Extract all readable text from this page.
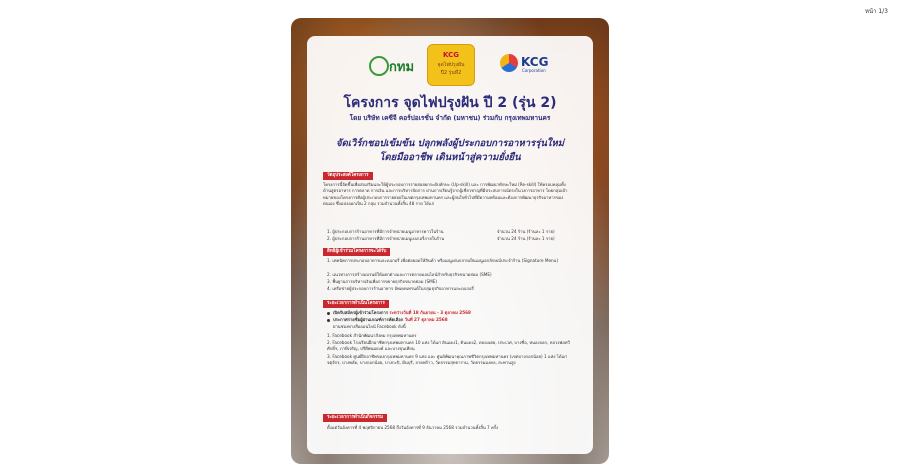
หน้า 1/3
กทม
KCG
จุดไฟปรุงฝัน
ปี2 รุ่นที่2
KCG
Corporation
โครงการ จุดไฟปรุงฝัน ปี 2 (รุ่น 2)
โดย บริษัท เคซีจี คอร์ปอเรชั่น จำกัด (มหาชน) ร่วมกับ กรุงเทพมหานคร
จัดเวิร์กชอปเข้มข้น ปลุกพลังผู้ประกอบการอาหารรุ่นใหม่
โดยมืออาชีพ เดินหน้าสู่ความยั่งยืน
วัตถุประสงค์โครงการ

โครงการนี้จัดขึ้นเพื่อส่งเสริมและให้ผู้ประกอบการรายย่อยยกระดับทักษะ (Up-skill) และ การพัฒนาทักษะใหม่ (Re-skill) ให้ครอบคลุมทั้งด้านสูตรอาหาร การตลาด การเงิน และการบริหารจัดการ ผ่านการเรียนรู้จากผู้เชี่ยวชาญที่มีประสบการณ์ตรงในวงการอาหาร โดยกลุ่มเป้าหมายของโครงการคือผู้ประกอบการรายย่อยในเขตกรุงเทพมหานคร และผู้สนใจทั่วไปที่มีความพร้อมและต้องการพัฒนาธุรกิจอาหารของตนเอง ซึ่งแบ่งออกเป็น 2 กลุ่ม รวมจำนวนทั้งสิ้น 48 ราย ได้แก่

1. ผู้ประกอบการร้านอาหารที่มีการจำหน่ายเมนูอาหารคาวในร้าน	จำนวน 24 ร้าน (ร้านละ 1 ราย)
2. ผู้ประกอบการร้านอาหารที่มีการจำหน่ายเมนูเบเกอรี่ภายในร้าน	จำนวน 24 ร้าน (ร้านละ 1 ราย)
สิทธิผู้เข้าร่วมโครงการจะได้รับ
1. เทคนิคการประกอบอาหารและเบเกอรี่ เพื่อต่อยอดให้สินค้า หรือเมนูเด่นกลายเป็นเมนูเอกลักษณ์ประจำร้าน (Signature Menu)
2. แนวทางการสร้างแบรนด์ให้แตกต่างและการตลาดออนไลน์สำหรับธุรกิจขนาดย่อม (SME)
3. พื้นฐานการบริหารเงินเพื่อการขยายธุรกิจขนาดย่อม (SME)
4. เครือข่ายผู้ประกอบการร้านอาหาร อัพเดทเทรนด์ในกลุ่มธุรกิจอาหารและเบเกอรี่
ระยะเวลาการดำเนินโครงการ
เปิดรับสมัครผู้เข้าร่วมโครงการ ระหว่างวันที่ 18 กันยายน - 3 ตุลาคม 2568
ประกาศรายชื่อผู้ผ่านเกณฑ์การคัดเลือก วันที่ 27 ตุลาคม 2568
ผ่านช่องทางสื่อออนไลน์ Facebook ดังนี้
1. Facebook สำนักพัฒนาสังคม กรุงเทพมหานคร
2. Facebook โรงเรียนฝึกอาชีพกรุงเทพมหานคร 10 แห่ง ได้แก่ ดินแดง1, ดินแดง2, คลองเตย, ประเวศ, บางซื่อ, หนองจอก, หลวงพ่อทวีศักดิ์ฯ, ภาษีเจริญ, ปรีดีพนมยงค์ และบางขุนเทียน
3. Facebook ศูนย์ฝึกอาชีพของกรุงเทพมหานคร 9 แห่ง และ ศูนย์พัฒนาคุณภาพชีวิตกรุงเทพมหานคร (เขตบางกอกน้อย) 1 แห่ง ได้แก่ จตุจักร, บางพลัด, บางกอกน้อย, บางกะปิ, มีนบุรี, ลาดพร้าว, วัดธรรมสุทธาราม, วัดธรรมมงคล, สะพานสูง
ระยะเวลาการดำเนินกิจกรรม
ตั้งแต่วันอังคารที่ 4 พฤศจิกายน 2568 ถึงวันอังคารที่ 9 ธันวาคม 2568 รวมจำนวนทั้งสิ้น 7 ครั้ง
